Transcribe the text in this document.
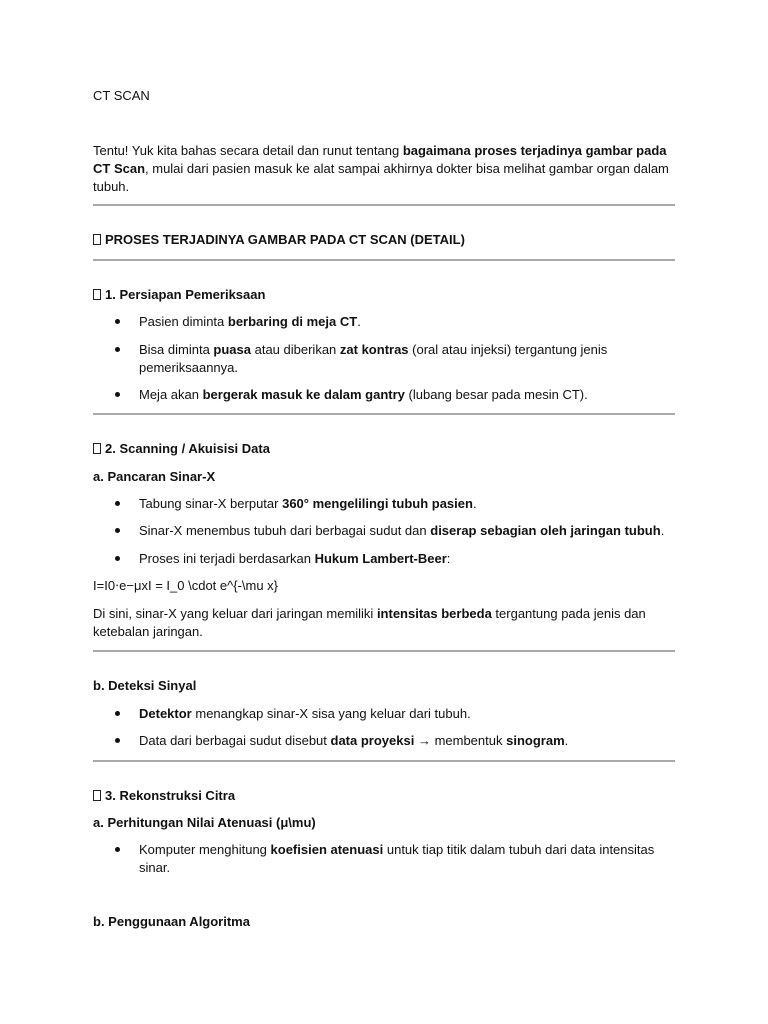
CT SCAN
Tentu! Yuk kita bahas secara detail dan runut tentang bagaimana proses terjadinya gambar pada CT Scan, mulai dari pasien masuk ke alat sampai akhirnya dokter bisa melihat gambar organ dalam tubuh.
PROSES TERJADINYA GAMBAR PADA CT SCAN (DETAIL)
1. Persiapan Pemeriksaan
Pasien diminta berbaring di meja CT.
Bisa diminta puasa atau diberikan zat kontras (oral atau injeksi) tergantung jenis pemeriksaannya.
Meja akan bergerak masuk ke dalam gantry (lubang besar pada mesin CT).
2. Scanning / Akuisisi Data
a. Pancaran Sinar-X
Tabung sinar-X berputar 360° mengelilingi tubuh pasien.
Sinar-X menembus tubuh dari berbagai sudut dan diserap sebagian oleh jaringan tubuh.
Proses ini terjadi berdasarkan Hukum Lambert-Beer:
I=I0⋅e−μxI = I_0 \cdot e^{-\mu x}
Di sini, sinar-X yang keluar dari jaringan memiliki intensitas berbeda tergantung pada jenis dan ketebalan jaringan.
b. Deteksi Sinyal
Detektor menangkap sinar-X sisa yang keluar dari tubuh.
Data dari berbagai sudut disebut data proyeksi → membentuk sinogram.
3. Rekonstruksi Citra
a. Perhitungan Nilai Atenuasi (μ\mu)
Komputer menghitung koefisien atenuasi untuk tiap titik dalam tubuh dari data intensitas sinar.
b. Penggunaan Algoritma
